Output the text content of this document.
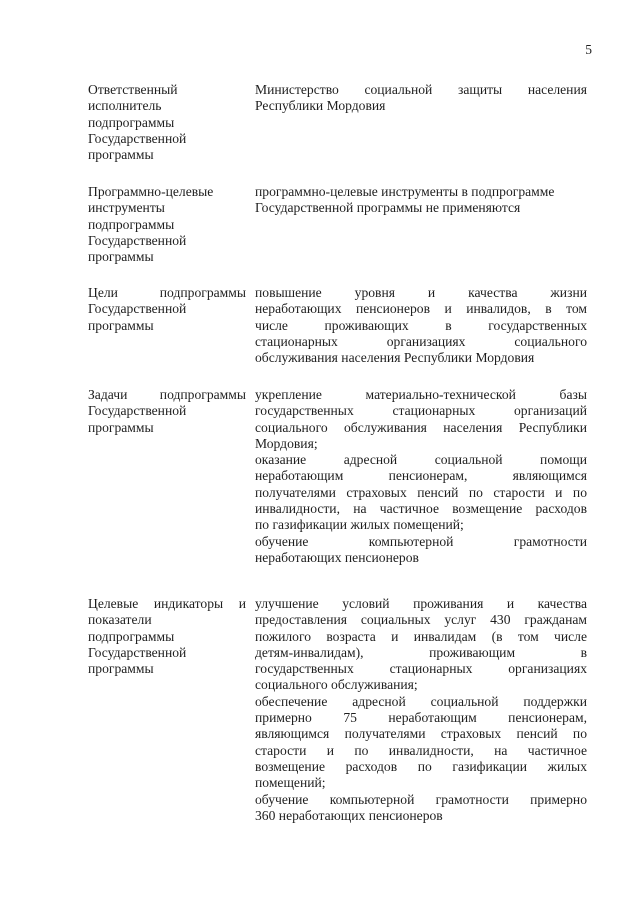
5
Ответственный
исполнитель
подпрограммы
Государственной
программы
Министерство социальной защиты населения
Республики Мордовия
Программно-целевые
инструменты
подпрограммы
Государственной
программы
программно-целевые инструменты в подпрограмме
Государственной программы не применяются
Цели подпрограммы
Государственной
программы
повышение уровня и качества жизни
неработающих пенсионеров и инвалидов, в том
числе проживающих в государственных
стационарных организациях социального
обслуживания населения Республики Мордовия
Задачи подпрограммы
Государственной
программы
укрепление материально-технической базы
государственных стационарных организаций
социального обслуживания населения Республики
Мордовия;
оказание адресной социальной помощи
неработающим пенсионерам, являющимся
получателями страховых пенсий по старости и по
инвалидности, на частичное возмещение расходов
по газификации жилых помещений;
обучение компьютерной грамотности
неработающих пенсионеров
Целевые индикаторы и
показатели
подпрограммы
Государственной
программы
улучшение условий проживания и качества
предоставления социальных услуг 430 гражданам
пожилого возраста и инвалидам (в том числе
детям-инвалидам), проживающим в
государственных стационарных организациях
социального обслуживания;
обеспечение адресной социальной поддержки
примерно 75 неработающим пенсионерам,
являющимся получателями страховых пенсий по
старости и по инвалидности, на частичное
возмещение расходов по газификации жилых
помещений;
обучение компьютерной грамотности примерно
360 неработающих пенсионеров
